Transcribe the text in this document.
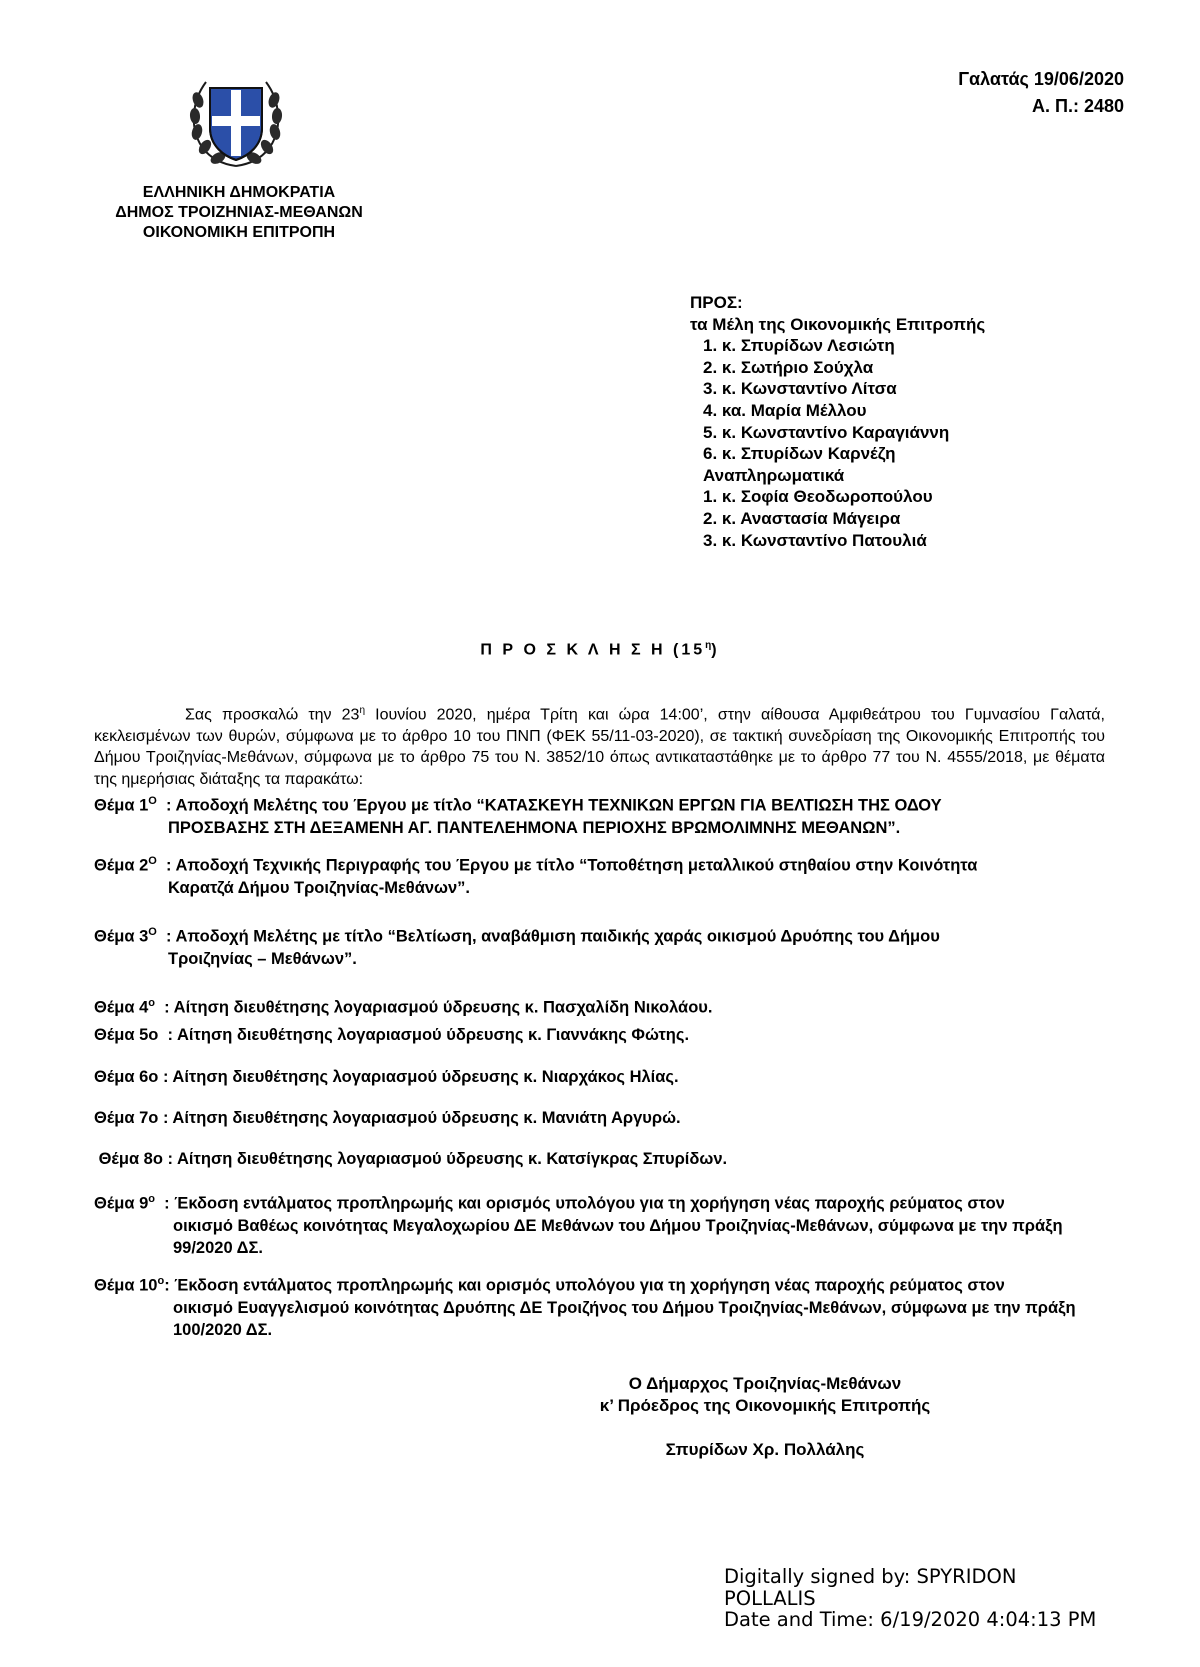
ΕΛΛΗΝΙΚΗ ΔΗΜΟΚΡΑΤΙΑ
ΔΗΜΟΣ ΤΡΟΙΖΗΝΙΑΣ-ΜΕΘΑΝΩΝ
ΟΙΚΟΝΟΜΙΚΗ ΕΠΙΤΡΟΠΗ
Γαλατάς 19/06/2020
Α. Π.: 2480
ΠΡΟΣ:
τα Μέλη της Οικονομικής Επιτροπής
1. κ. Σπυρίδων Λεσιώτη
2. κ. Σωτήριο Σούχλα
3. κ. Κωνσταντίνο Λίτσα
4. κα. Μαρία Μέλλου
5. κ. Κωνσταντίνο Καραγιάννη
6. κ. Σπυρίδων Καρνέζη
Αναπληρωματικά
1. κ. Σοφία Θεοδωροπούλου
2. κ. Αναστασία Μάγειρα
3. κ. Κωνσταντίνο Πατουλιά
Π Ρ Ο Σ Κ Λ Η Σ Η $(15^\eta)$
Σας προσκαλώ την $23^\eta$ Ιουνίου 2020, ημέρα Τρίτη και ώρα 14:00’, στην αίθουσα Αμφιθεάτρου του Γυμνασίου Γαλατά, κεκλεισμένων των θυρών, σύμφωνα με το άρθρο 10 του ΠΝΠ (ΦΕΚ 55/11-03-2020), σε τακτική συνεδρίαση της Οικονομικής Επιτροπής του Δήμου Τροιζηνίας-Μεθάνων, σύμφωνα με το άρθρο 75 του Ν. 3852/10 όπως αντικαταστάθηκε με το άρθρο 77 του Ν. 4555/2018, με θέματα της ημερήσιας διάταξης τα παρακάτω:
Θέμα $1^O$  : Αποδοχή Μελέτης του Έργου με τίτλο “ΚΑΤΑΣΚΕΥΗ ΤΕΧΝΙΚΩΝ ΕΡΓΩΝ ΓΙΑ ΒΕΛΤΙΩΣΗ ΤΗΣ ΟΔΟΥ
ΠΡΟΣΒΑΣΗΣ ΣΤΗ ΔΕΞΑΜΕΝΗ ΑΓ. ΠΑΝΤΕΛΕΗΜΟΝΑ ΠΕΡΙΟΧΗΣ ΒΡΩΜΟΛΙΜΝΗΣ ΜΕΘΑΝΩΝ”.
Θέμα $2^O$  : Αποδοχή Τεχνικής Περιγραφής του Έργου με τίτλο “Τοποθέτηση μεταλλικού στηθαίου στην Κοινότητα
Καρατζά Δήμου Τροιζηνίας-Μεθάνων”.
Θέμα $3^O$  : Αποδοχή Μελέτης με τίτλο “Βελτίωση, αναβάθμιση παιδικής χαράς οικισμού Δρυόπης του Δήμου
Τροιζηνίας – Μεθάνων”.
Θέμα $4^o$  : Αίτηση διευθέτησης λογαριασμού ύδρευσης κ. Πασχαλίδη Νικολάου.
Θέμα 5ο  : Αίτηση διευθέτησης λογαριασμού ύδρευσης κ. Γιαννάκης Φώτης.
Θέμα 6ο : Αίτηση διευθέτησης λογαριασμού ύδρευσης κ. Νιαρχάκος Ηλίας.
Θέμα 7ο : Αίτηση διευθέτησης λογαριασμού ύδρευσης κ. Μανιάτη Αργυρώ.
Θέμα 8ο : Αίτηση διευθέτησης λογαριασμού ύδρευσης κ. Κατσίγκρας Σπυρίδων.
Θέμα $9^o$  : Έκδοση εντάλματος προπληρωμής και ορισμός υπολόγου για τη χορήγηση νέας παροχής ρεύματος στον
οικισμό Βαθέως κοινότητας Μεγαλοχωρίου ΔΕ Μεθάνων του Δήμου Τροιζηνίας-Μεθάνων, σύμφωνα με την πράξη 99/2020 ΔΣ.
Θέμα $10^o$: Έκδοση εντάλματος προπληρωμής και ορισμός υπολόγου για τη χορήγηση νέας παροχής ρεύματος στον
οικισμό Ευαγγελισμού κοινότητας Δρυόπης ΔΕ Τροιζήνος του Δήμου Τροιζηνίας-Μεθάνων, σύμφωνα με την πράξη 100/2020 ΔΣ.
Ο Δήμαρχος Τροιζηνίας-Μεθάνων
κ’ Πρόεδρος της Οικονομικής Επιτροπής
Σπυρίδων Χρ. Πολλάλης
Digitally signed by: SPYRIDON
POLLALIS
Date and Time: 6/19/2020 4:04:13 PM
